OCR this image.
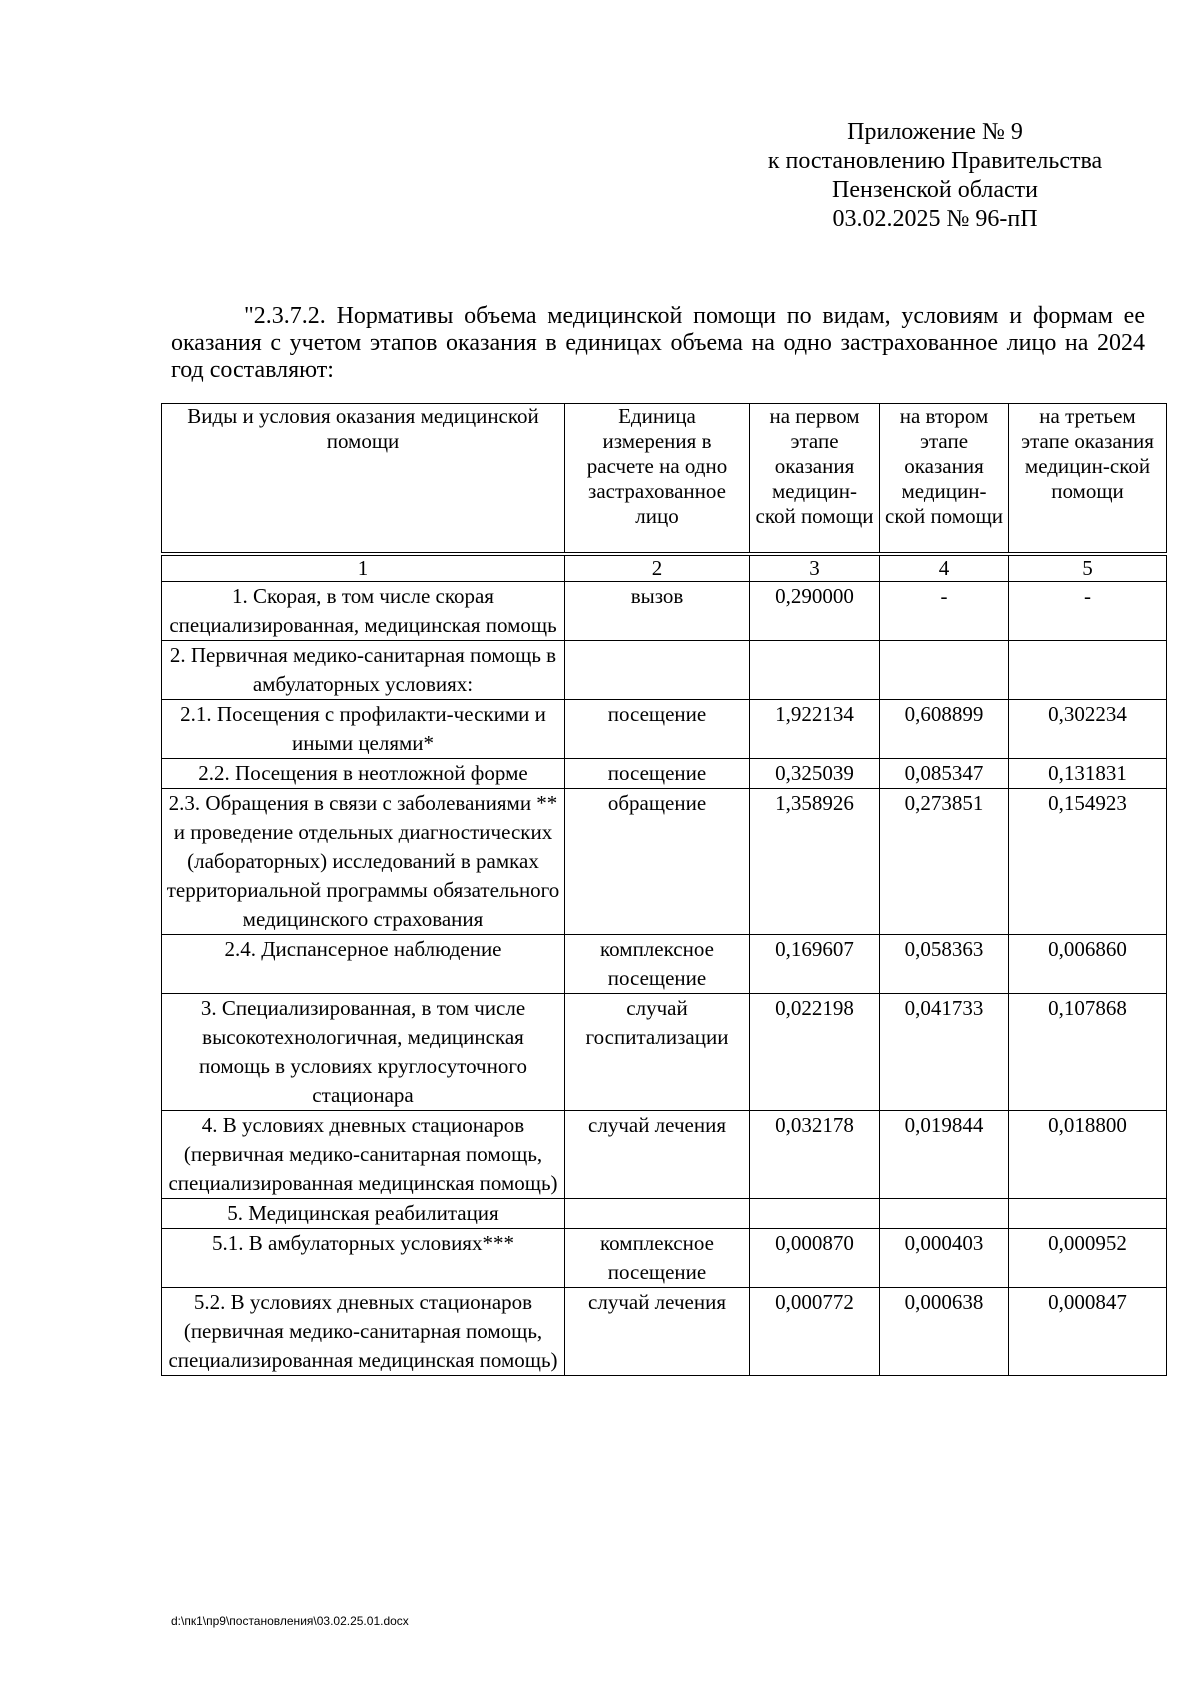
Приложение № 9
к постановлению Правительства
Пензенской области
03.02.2025 № 96-пП

"2.3.7.2. Нормативы объема медицинской помощи по видам, условиям и формам ее оказания с учетом этапов оказания в единицах объема на одно застрахованное лицо на 2024 год составляют:

Виды и условия оказания медицинской помощи	Единица измерения в расчете на одно застрахованное лицо	на первом этапе оказания медицин-ской помощи	на втором этапе оказания медицин-ской помощи	на третьем этапе оказания медицин-ской помощи
1	2	3	4	5
1. Скорая, в том числе скорая специализированная, медицинская помощь	вызов	0,290000	-	-
2. Первичная медико-санитарная помощь в амбулаторных условиях:				
2.1. Посещения с профилакти-ческими и иными целями*	посещение	1,922134	0,608899	0,302234
2.2. Посещения в неотложной форме	посещение	0,325039	0,085347	0,131831
2.3. Обращения в связи с заболеваниями ** и проведение отдельных диагностических (лабораторных) исследований в рамках территориальной программы обязательного медицинского страхования	обращение	1,358926	0,273851	0,154923
2.4. Диспансерное наблюдение	комплексное посещение	0,169607	0,058363	0,006860
3. Специализированная, в том числе высокотехнологичная, медицинская помощь в условиях круглосуточного стационара	случай госпитализации	0,022198	0,041733	0,107868
4. В условиях дневных стационаров (первичная медико-санитарная помощь, специализированная медицинская помощь)	случай лечения	0,032178	0,019844	0,018800
5. Медицинская реабилитация				
5.1. В амбулаторных условиях***	комплексное посещение	0,000870	0,000403	0,000952
5.2. В условиях дневных стационаров (первичная медико-санитарная помощь, специализированная медицинская помощь)	случай лечения	0,000772	0,000638	0,000847
d:\пк1\пр9\постановления\03.02.25.01.docx
